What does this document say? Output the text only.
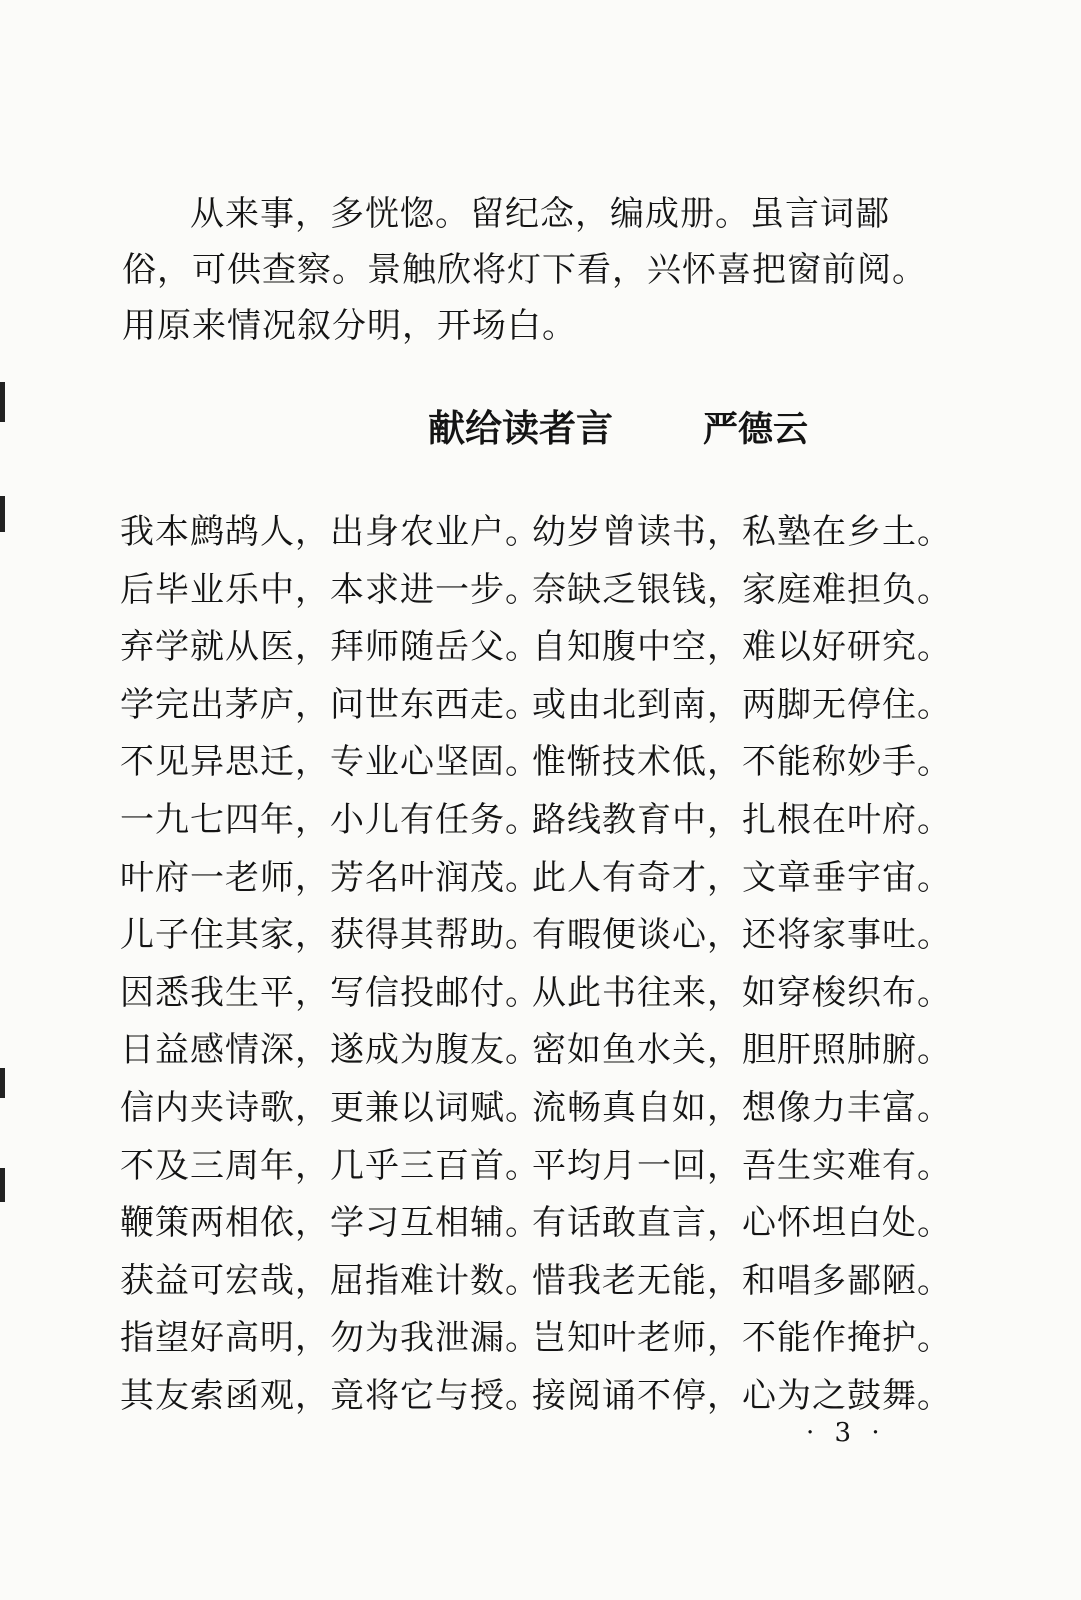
从来事，多恍惚。留纪念，编成册。虽言词鄙俗，可供查察。景触欣将灯下看，兴怀喜把窗前阅。用原来情况叙分明，开场白。

献给读者言	严德云
我本鹧鸪人，出身农业户。
幼岁曾读书，私塾在乡土。
后毕业乐中，本求进一步。
奈缺乏银钱，家庭难担负。
弃学就从医，拜师随岳父。
自知腹中空，难以好研究。
学完出茅庐，问世东西走。
或由北到南，两脚无停住。
不见异思迁，专业心坚固。
惟惭技术低，不能称妙手。
一九七四年，小儿有任务。
路线教育中，扎根在叶府。
叶府一老师，芳名叶润茂。
此人有奇才，文章垂宇宙。
儿子住其家，获得其帮助。
有暇便谈心，还将家事吐。
因悉我生平，写信投邮付。
从此书往来，如穿梭织布。
日益感情深，遂成为腹友。
密如鱼水关，胆肝照肺腑。
信内夹诗歌，更兼以词赋。
流畅真自如，想像力丰富。
不及三周年，几乎三百首。
平均月一回，吾生实难有。
鞭策两相依，学习互相辅。
有话敢直言，心怀坦白处。
获益可宏哉，屈指难计数。
惜我老无能，和唱多鄙陋。
指望好高明，勿为我泄漏。
岂知叶老师，不能作掩护。
其友索函观，竟将它与授。
接阅诵不停，心为之鼓舞。
· 3 ·
